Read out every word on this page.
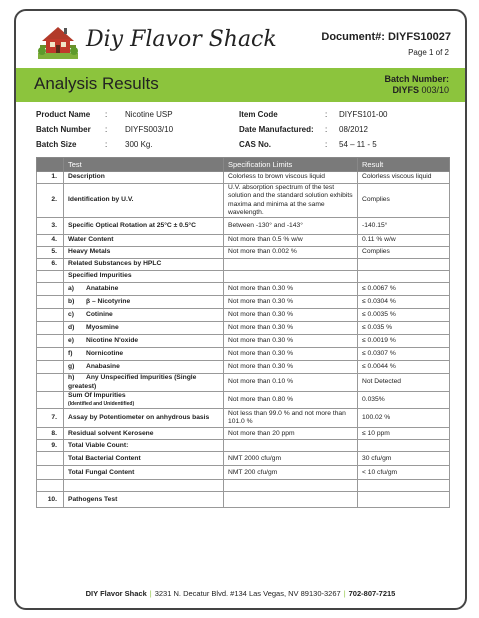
Diy Flavor Shack	Document#: DIYFS10027
Page 1 of 2
Analysis Results	Batch Number:
DIYFS 003/10
Product Name : Nicotine USP	Item Code	: DIYFS101-00
Batch Number : DIYFS003/10	Date Manufactured: : 08/2012
Batch Size	: 300 Kg.	CAS No.	: 54 – 11 - 5
	Test	Specification Limits	Result
1.	Description	Colorless to brown viscous liquid	Colorless viscous liquid
2.	Identification by U.V.	U.V. absorption spectrum of the test solution and the standard solution exhibits maxima and minima at the same wavelength.	Complies
3.	Specific Optical Rotation at 25°C ± 0.5°C	Between -130° and -143°	-140.15°
4.	Water Content	Not more than 0.5 % w/w	0.11 % w/w
5.	Heavy Metals	Not more than 0.002 %	Complies
6.	Related Substances by HPLC		
	Specified Impurities		
	a) Anatabine	Not more than 0.30 %	≤ 0.0067 %
	b) β – Nicotyrine	Not more than 0.30 %	≤ 0.0304 %
	c) Cotinine	Not more than 0.30 %	≤ 0.0035 %
	d) Myosmine	Not more than 0.30 %	≤ 0.035 %
	e) Nicotine N'oxide	Not more than 0.30 %	≤ 0.0019 %
	f) Nornicotine	Not more than 0.30 %	≤ 0.0307 %
	g) Anabasine	Not more than 0.30 %	≤ 0.0044 %
	h) Any Unspecified Impurities (Single greatest)	Not more than 0.10 %	Not Detected
	Sum Of Impurities
(Identified and Unidentified)	Not more than 0.80 %	0.035%
7.	Assay by Potentiometer on anhydrous basis	Not less than 99.0 % and not more than 101.0 %	100.02 %
8.	Residual solvent Kerosene	Not more than 20 ppm	≤ 10 ppm
9.	Total Viable Count:		
	Total Bacterial Content	NMT 2000 cfu/gm	30 cfu/gm
	Total Fungal Content	NMT 200 cfu/gm	< 10 cfu/gm

10.	Pathogens Test		
DIY Flavor Shack | 3231 N. Decatur Blvd. #134 Las Vegas, NV 89130-3267 | 702-807-7215
